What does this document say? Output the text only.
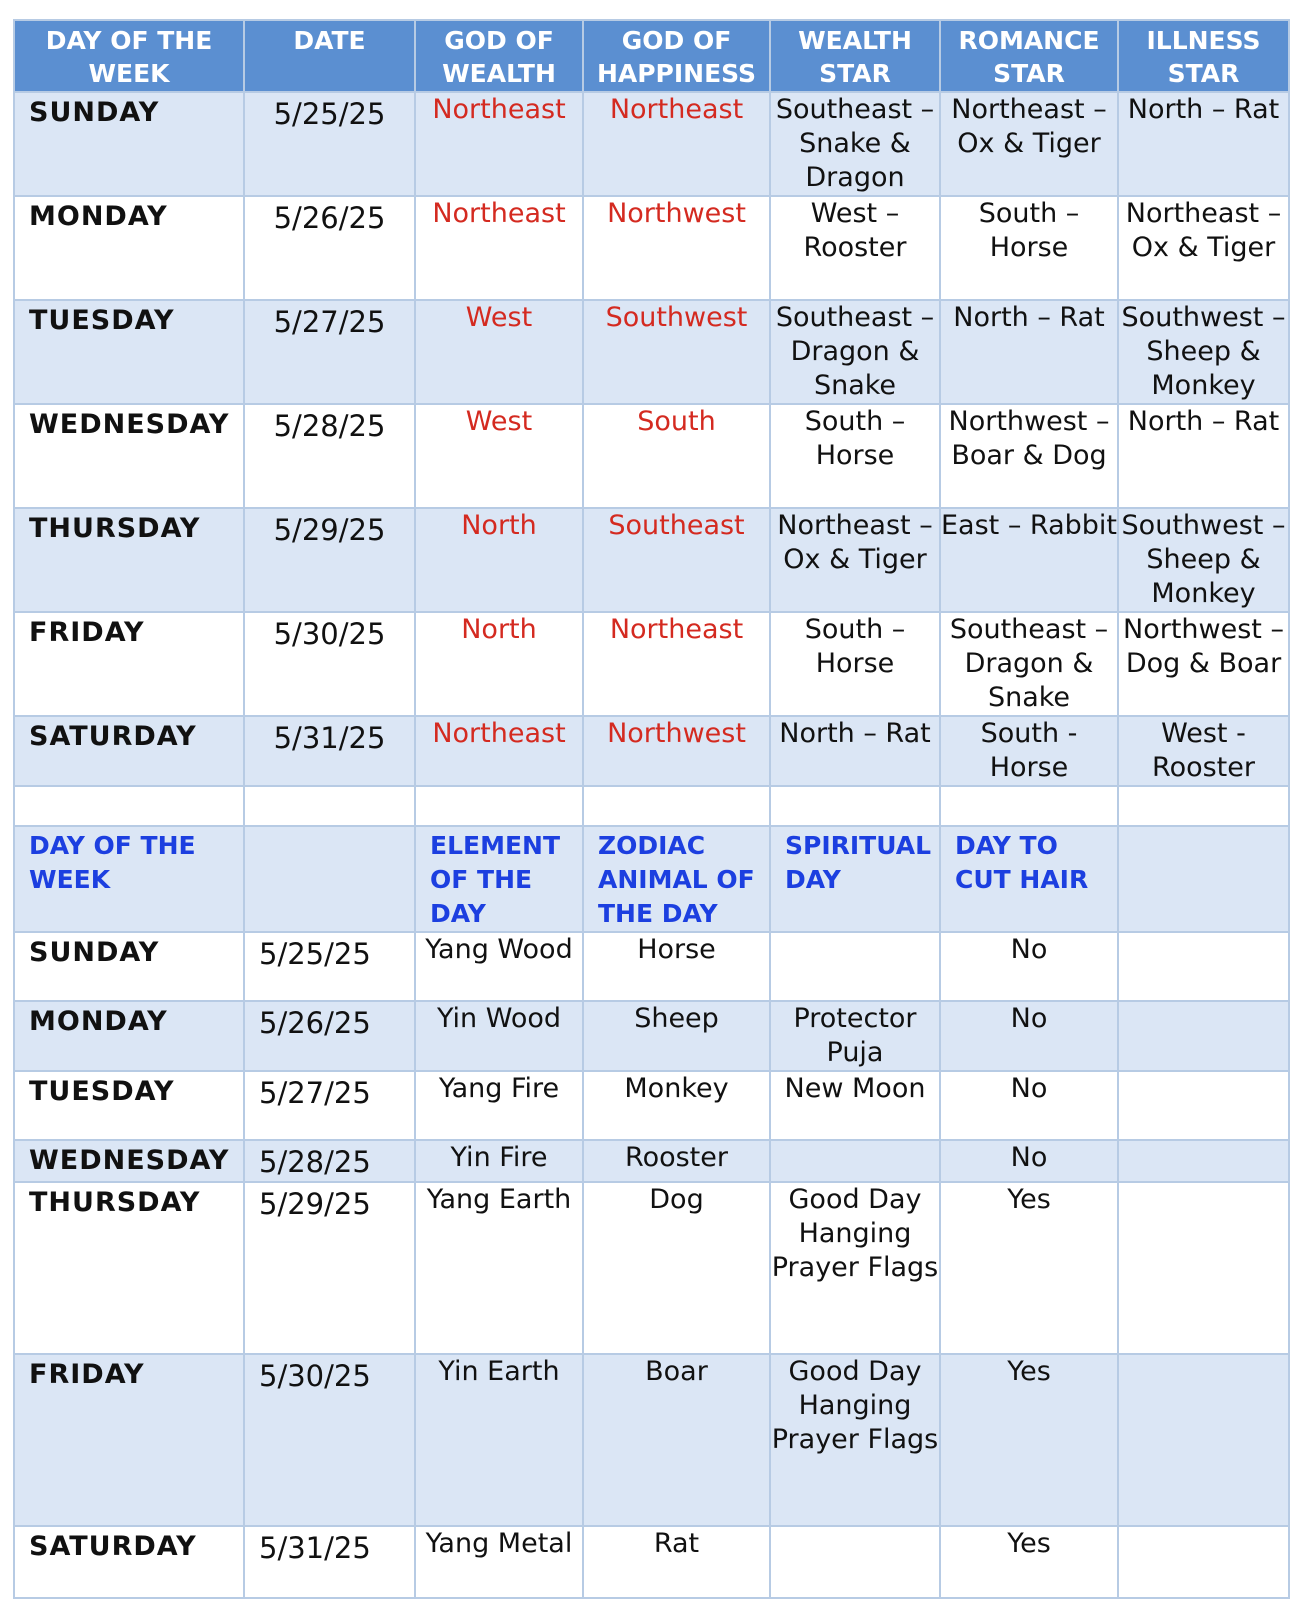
DAY OF THE WEEK	DATE	GOD OF WEALTH	GOD OF HAPPINESS	WEALTH STAR	ROMANCE STAR	ILLNESS STAR
SUNDAY	5/25/25	Northeast	Northeast	Southeast – Snake & Dragon	Northeast – Ox & Tiger	North – Rat
MONDAY	5/26/25	Northeast	Northwest	West – Rooster	South – Horse	Northeast – Ox & Tiger
TUESDAY	5/27/25	West	Southwest	Southeast – Dragon & Snake	North – Rat	Southwest – Sheep & Monkey
WEDNESDAY	5/28/25	West	South	South – Horse	Northwest – Boar & Dog	North – Rat
THURSDAY	5/29/25	North	Southeast	Northeast – Ox & Tiger	East – Rabbit	Southwest – Sheep & Monkey
FRIDAY	5/30/25	North	Northeast	South – Horse	Southeast – Dragon & Snake	Northwest – Dog & Boar
SATURDAY	5/31/25	Northeast	Northwest	North – Rat	South - Horse	West - Rooster

DAY OF THE WEEK		ELEMENT OF THE DAY	ZODIAC ANIMAL OF THE DAY	SPIRITUAL DAY	DAY TO CUT HAIR	
SUNDAY	5/25/25	Yang Wood	Horse		No	
MONDAY	5/26/25	Yin Wood	Sheep	Protector Puja	No	
TUESDAY	5/27/25	Yang Fire	Monkey	New Moon	No	
WEDNESDAY	5/28/25	Yin Fire	Rooster		No	
THURSDAY	5/29/25	Yang Earth	Dog	Good Day Hanging Prayer Flags	Yes	
FRIDAY	5/30/25	Yin Earth	Boar	Good Day Hanging Prayer Flags	Yes	
SATURDAY	5/31/25	Yang Metal	Rat		Yes	
